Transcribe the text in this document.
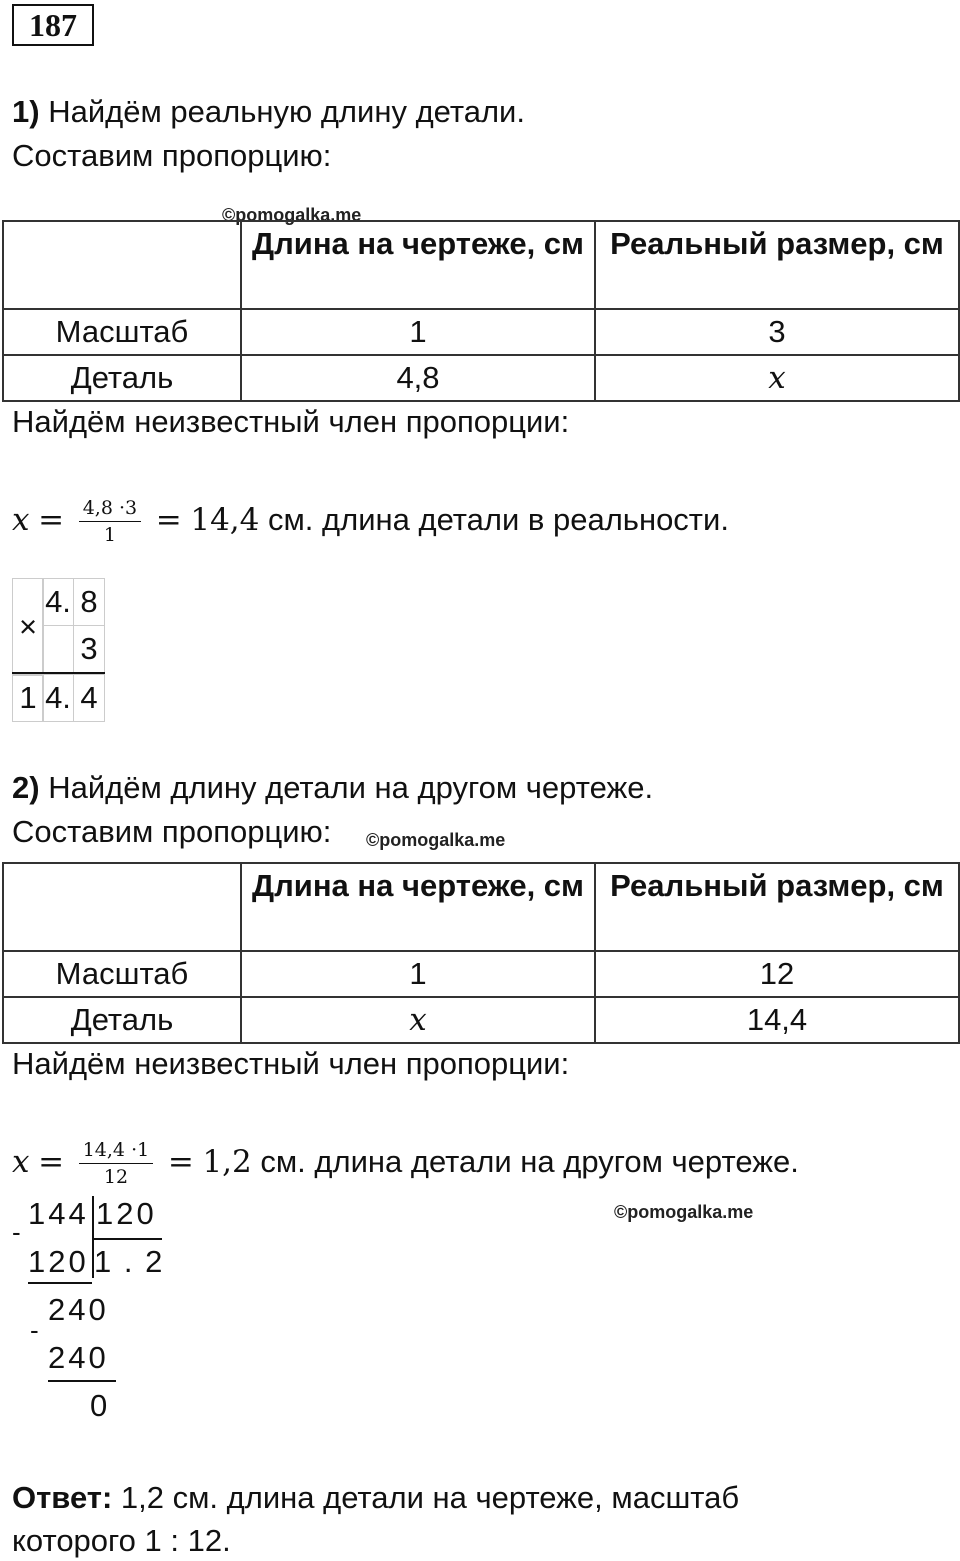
187
1) Найдём реальную длину детали.
Составим пропорцию:
©pomogalka.me
	Длина на чертеже, см	Реальный размер, см
Масштаб	1	3
Деталь	4,8	x
Найдём неизвестный член пропорции:
$x = \frac{4,8 \cdot 3}{1} = 14,4$ см. длина детали в реальности.
×
4. 8
3
1 4. 4
2) Найдём длину детали на другом чертеже.
Составим пропорцию: ©pomogalka.me
	Длина на чертеже, см	Реальный размер, см
Масштаб	1	12
Деталь	x	14,4
Найдём неизвестный член пропорции:
$x = \frac{14,4 \cdot 1}{12} = 1,2$ см. длина детали на другом чертеже.
©pomogalka.me
144 120
-
120 1 . 2
240
-
240
0
Ответ: 1,2 см. длина детали на чертеже, масштаб
которого 1 : 12.
